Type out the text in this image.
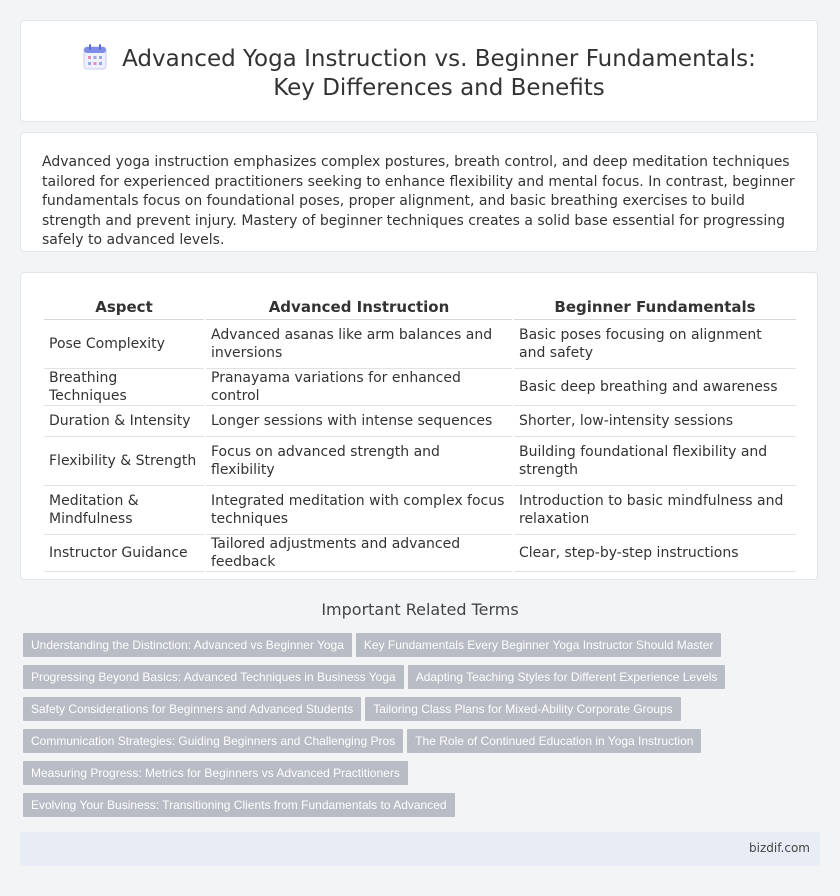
Advanced Yoga Instruction vs. Beginner Fundamentals: Key Differences and Benefits

Advanced yoga instruction emphasizes complex postures, breath control, and deep meditation techniques tailored for experienced practitioners seeking to enhance flexibility and mental focus. In contrast, beginner fundamentals focus on foundational poses, proper alignment, and basic breathing exercises to build strength and prevent injury. Mastery of beginner techniques creates a solid base essential for progressing safely to advanced levels.

Aspect	Advanced Instruction	Beginner Fundamentals
Pose Complexity	Advanced asanas like arm balances and inversions	Basic poses focusing on alignment and safety
Breathing Techniques	Pranayama variations for enhanced control	Basic deep breathing and awareness
Duration & Intensity	Longer sessions with intense sequences	Shorter, low-intensity sessions
Flexibility & Strength	Focus on advanced strength and flexibility	Building foundational flexibility and strength
Meditation & Mindfulness	Integrated meditation with complex focus techniques	Introduction to basic mindfulness and relaxation
Instructor Guidance	Tailored adjustments and advanced feedback	Clear, step-by-step instructions
Important Related Terms
Understanding the Distinction: Advanced vs Beginner Yoga Key Fundamentals Every Beginner Yoga Instructor Should Master
Progressing Beyond Basics: Advanced Techniques in Business Yoga Adapting Teaching Styles for Different Experience Levels
Safety Considerations for Beginners and Advanced Students Tailoring Class Plans for Mixed-Ability Corporate Groups
Communication Strategies: Guiding Beginners and Challenging Pros The Role of Continued Education in Yoga Instruction
Measuring Progress: Metrics for Beginners vs Advanced Practitioners
Evolving Your Business: Transitioning Clients from Fundamentals to Advanced
bizdif.com
